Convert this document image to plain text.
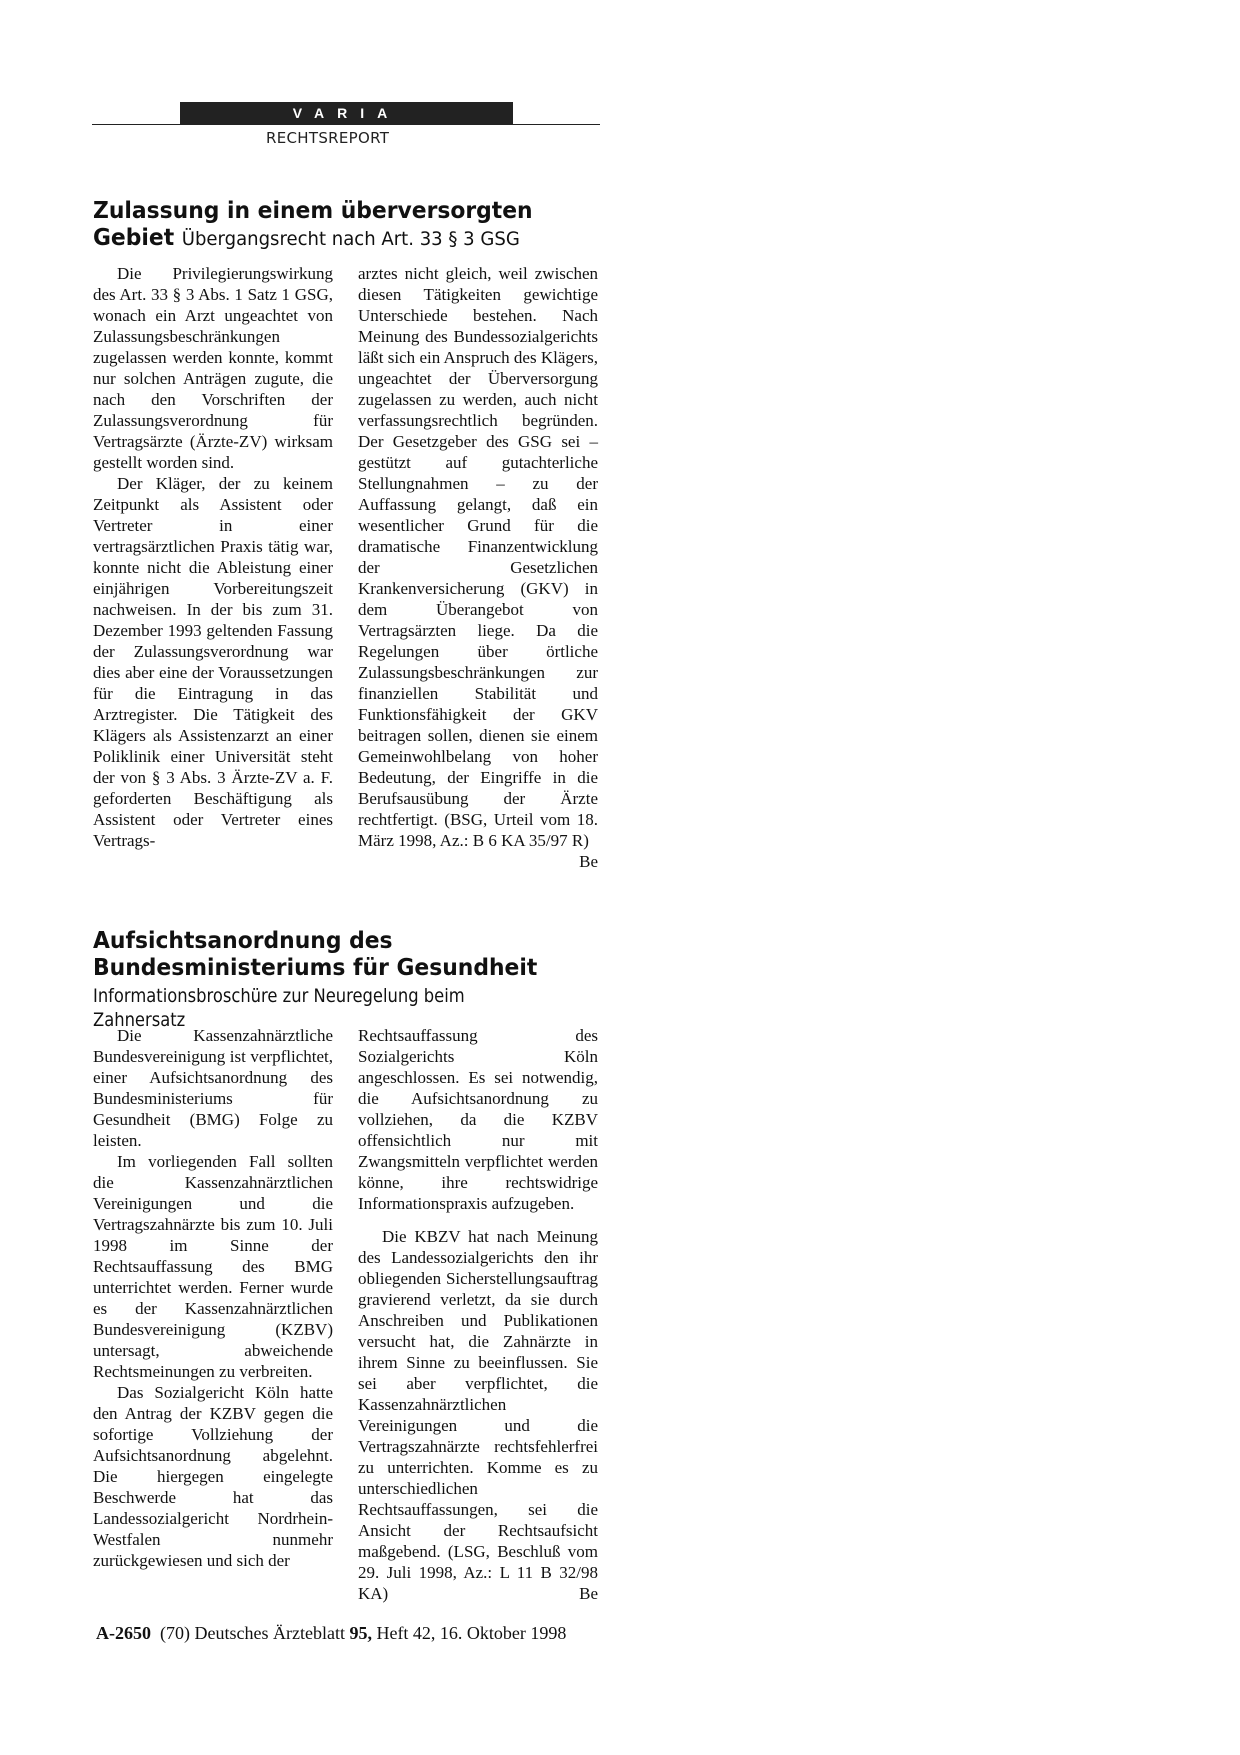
VARIA
RECHTSREPORT
Zulassung in einem überversorgten
Gebiet Übergangsrecht nach Art. 33 § 3 GSG

Die Privilegierungswirkung des Art. 33 § 3 Abs. 1 Satz 1 GSG, wonach ein Arzt ungeachtet von Zulassungsbeschränkungen zugelassen werden konnte, kommt nur solchen Anträgen zugute, die nach den Vorschriften der Zulassungsverordnung für Vertragsärzte (Ärzte-ZV) wirksam gestellt worden sind.

Der Kläger, der zu keinem Zeitpunkt als Assistent oder Vertreter in einer vertragsärztlichen Praxis tätig war, konnte nicht die Ableistung einer einjährigen Vorbereitungszeit nachweisen. In der bis zum 31. Dezember 1993 geltenden Fassung der Zulassungsverordnung war dies aber eine der Voraussetzungen für die Eintragung in das Arztregister. Die Tätigkeit des Klägers als Assistenzarzt an einer Poliklinik einer Universität steht der von § 3 Abs. 3 Ärzte-ZV a. F. geforderten Beschäftigung als Assistent oder Vertreter eines Vertrags-

arztes nicht gleich, weil zwischen diesen Tätigkeiten gewichtige Unterschiede bestehen. Nach Meinung des Bundessozialgerichts läßt sich ein Anspruch des Klägers, ungeachtet der Überversorgung zugelassen zu werden, auch nicht verfassungsrechtlich begründen. Der Gesetzgeber des GSG sei – gestützt auf gutachterliche Stellungnahmen – zu der Auffassung gelangt, daß ein wesentlicher Grund für die dramatische Finanzentwicklung der Gesetzlichen Krankenversicherung (GKV) in dem Überangebot von Vertragsärzten liege. Da die Regelungen über örtliche Zulassungsbeschränkungen zur finanziellen Stabilität und Funktionsfähigkeit der GKV beitragen sollen, dienen sie einem Gemeinwohlbelang von hoher Bedeutung, der Eingriffe in die Berufsausübung der Ärzte rechtfertigt. (BSG, Urteil vom 18. März 1998, Az.: B 6 KA 35/97 R)
Be

Aufsichtsanordnung des
Bundesministeriums für Gesundheit
Informationsbroschüre zur Neuregelung beim Zahnersatz

Die Kassenzahnärztliche Bundesvereinigung ist verpflichtet, einer Aufsichtsanordnung des Bundesministeriums für Gesundheit (BMG) Folge zu leisten.

Im vorliegenden Fall sollten die Kassenzahnärztlichen Vereinigungen und die Vertragszahnärzte bis zum 10. Juli 1998 im Sinne der Rechtsauffassung des BMG unterrichtet werden. Ferner wurde es der Kassenzahnärztlichen Bundesvereinigung (KZBV) untersagt, abweichende Rechtsmeinungen zu verbreiten.

Das Sozialgericht Köln hatte den Antrag der KZBV gegen die sofortige Vollziehung der Aufsichtsanordnung abgelehnt. Die hiergegen eingelegte Beschwerde hat das Landessozialgericht Nordrhein-Westfalen nunmehr zurückgewiesen und sich der

Rechtsauffassung des Sozialgerichts Köln angeschlossen. Es sei notwendig, die Aufsichtsanordnung zu vollziehen, da die KZBV offensichtlich nur mit Zwangsmitteln verpflichtet werden könne, ihre rechtswidrige Informationspraxis aufzugeben.

Die KBZV hat nach Meinung des Landessozialgerichts den ihr obliegenden Sicherstellungsauftrag gravierend verletzt, da sie durch Anschreiben und Publikationen versucht hat, die Zahnärzte in ihrem Sinne zu beeinflussen. Sie sei aber verpflichtet, die Kassenzahnärztlichen Vereinigungen und die Vertragszahnärzte rechtsfehlerfrei zu unterrichten. Komme es zu unterschiedlichen Rechtsauffassungen, sei die Ansicht der Rechtsaufsicht maßgebend. (LSG, Beschluß vom 29. Juli 1998, Az.: L 11 B 32/98 KA)	Be

A-2650 (70) Deutsches Ärzteblatt 95, Heft 42, 16. Oktober 1998
